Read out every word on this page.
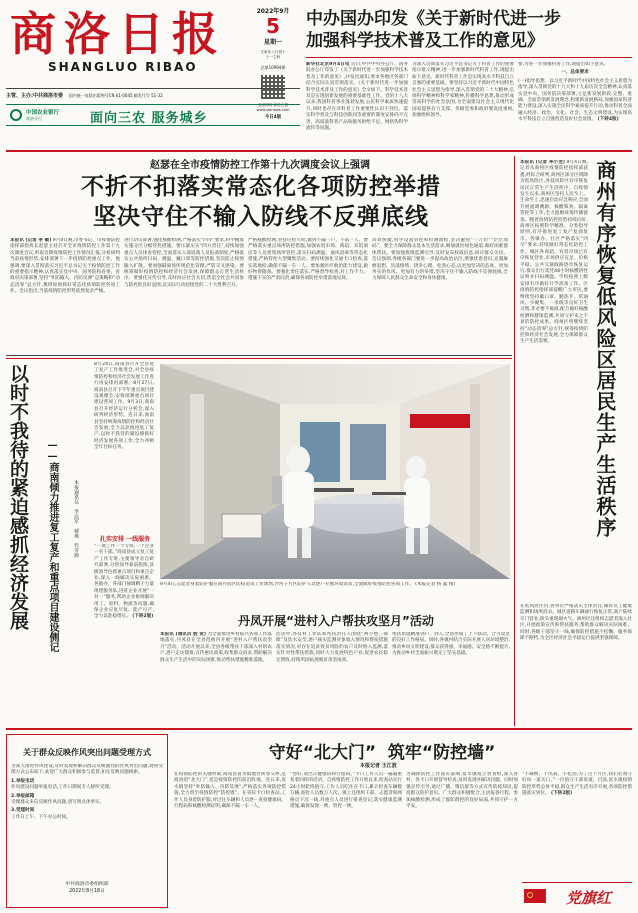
商洛日报
SHANGLUO RIBAO
2022年9月
5
星期一
壬寅年八月初十
十一立秋
总第10994期
登录网站 商洛之窗
www.sldnews.com
今日4版
主管、主办:中共商洛市委 国内统一连续出版物号CN 61-0045 邮发代号 51-32
中国农业银行
商洛分行	面向三农 服务城乡
中办国办印发《关于新时代进一步
加强科学技术普及工作的意见》
新华社北京9月4日电 近日,中共中央办公厅、国务院办公厅印发了《关于新时代进一步加强科学技术普及工作的意见》,并发出通知,要求各地区各部门结合实际认真贯彻落实。《关于新时代进一步加强科学技术普及工作的意见》全文如下。科学技术普及是实现创新发展的重要基础性工作。党的十八大以来,我国科普事业蓬勃发展,公民科学素质快速提升,同时也存在对科普工作重要性认识不到位、落实科学普及与科技创新同等重要的制度安排尚不完善、高质量科普产品和服务供给不足、网络伪科学流传等问题。
为深入贯彻落实习近平总书记关于科普工作的重要指示批示精神,进一步加强新时代科普工作,现提出如下意见。新时代科普工作是实现高水平科技自立自强的重要基础。要坚持以习近平新时代中国特色社会主义思想为指导,深入贯彻党的二十大精神,弘扬科学精神和科学家精神,传播科学思想,推动形成崇尚科学的社会氛围,为全面建设社会主义现代化国家提供有力支撑。各级党委和政府要高度重视,加强组织领导。
要,为进一步加强科普工作,现提出如下意见。
一、总体要求
(一)指导思想。以习近平新时代中国特色社会主义思想为指导,深入贯彻党的十九大和十九届历次全会精神,认真落实党中央、国务院决策部署,立足新发展阶段,完整、准确、全面贯彻新发展理念,构建新发展格局,加强国家科普能力建设,深入实施全民科学素质提升行动,推动科普全面融入经济、政治、文化、社会、生态文明建设,为实现高水平科技自立自强营造良好社会氛围。 (下转4版)
赵瑟在全市疫情防控工作第十九次调度会议上强调
不折不扣落实常态化各项防控举措
坚决守住不输入防线不反弹底线
本报讯 (记者 李 敏) 9月4日晚,市委书记、市疫情防控指挥部指挥长赵瑟主持召开全市疫情防控工作第十九次调度会议,听取近期疫情防控工作情况汇报,分析研判当前疫情形势,安排部署下一步疫情防控重点工作。他强调,要深入贯彻落实习近平总书记关于疫情防控工作的重要指示精神,认真落实党中央、国务院和省委、省政府决策部署,坚持“外防输入、内防反弹”总策略和“动态清零”总方针,慎终如始抓好常态化疫情防控各项工作。会议指出,当前疫情防控形势依然复杂严峻。
进行动员部署,强化核酸检测,严格落实“四早”要求,科学精准实施分区分级管控措施。要压紧压实“四方责任”,持续加强重点人员排查管控,全面落实入商返商人员报备制度,严格落实公共场所扫码、测温、戴口罩等防控措施,坚决防止疫情输入扩散。要加强隔离场所规范化管理,严防交叉感染。要统筹做好疫情防控和经济社会发展,保障群众正常生活秩序。要强化宣传引导,及时回应社会关切,营造全社会共同参与防控的良好氛围,以实际行动迎接党的二十大胜利召开。
严格核酸检测,坚持应检尽检,做到不漏一户、不落一人。要严格落实重点场所防控措施,加强农贸市场、商超、宾馆酒店等人员密集场所管控,落实扫码测温、通风消毒等常态化措施,严格管控大型聚集活动。要持续强化交通卡口检查,落实落地检,确保不漏一车一人。要加强医疗救治能力建设,做好物资储备。要强化责任落实,严格督导检查,对工作不力、措施不实的严肃问责,确保各项防控举措落地见效。
高效快捷,科学设置管控和检测流程,坚决避免“一刀切”“层层加码”。要全力保障群众基本生活需求,畅通就医绿色通道,做好困难群体帮扶。要加强舆情监测引导,及时发布权威信息,回应群众关切。会议强调,各级各部门要进一步提高政治站位,增强忧患意识,克服麻痹思想、厌战情绪、侥幸心理、松劲心态,以更加坚决的态度、更加务实的作风、更加有力的举措,坚决守住不输入防线不反弹底线,全力保障人民群众生命安全和身体健康。	商州有序恢复低风险区居民生产生活秩序
本报讯 (记者 李小龙) 9月4日晚,记者从商州区疫情防控指挥部获悉,经综合研判,商州区部分区域降为低风险区,各低风险区有序恢复居民正常生产生活秩序。自疫情发生以来,商州区坚持人民至上、生命至上,迅速启动应急响应,全面开展流调溯源、核酸筛查、隔离管控等工作,全力阻断疫情传播链条。随着疫情防控形势持续向好,商州区按照科学精准、分类指导原则,有序推进复工复产复商复市。各镇办、社区严格落实“四早”要求,持续做好常态化防控工作。城区各商超、农贸市场已有序恢复营业,市场供应充足、价格平稳。公共交通线路逐步恢复运行,群众出行需凭48小时核酸阴性证明并扫码测温。学校按照上级安排有序做好开学准备工作。区疫情防控指挥部提醒广大市民,要继续坚持戴口罩、勤洗手、常通风、少聚集、一米线等良好卫生习惯,非必要不离商,配合做好核酸检测和健康监测,共同守护来之不易的防控成果。商州区将继续坚持“动态清零”总方针,统筹疫情防控和经济社会发展,全力保障群众生产生活需要。
在低风险区内,各单位严格落实主体责任,做好员工健康监测和场所消杀。城区道路车辆通行恢复正常,商户陆续开门营业,街头重现烟火气。商州区还组织志愿者深入社区,开展政策宣传和帮扶服务,帮助群众解决实际困难。同时,各级干部坚守一线,确保防控措施不松懈、服务保障不断档,为全区经济社会平稳运行提供坚强保障。
以时不我待的紧迫感抓经济发展 ——商南倾力推进复工复产和重点项目建设侧记	本报通讯员 李远军 郝燕 代雪源
8月24日,商南县召开全县复工复产工作推进会,对全县疫情防控和经济社会发展工作进行再安排再部署。8月27日,商南县召开下半年重点项目建设观摩会,安排部署重点项目建设各项工作。9月3日,商南县召开经济运行分析会,深入研判经济形势。连日来,商南县坚持统筹疫情防控和经济社会发展,全力以赴推进复工复产,以时不我待的紧迫感抓好经济发展各项工作,全力冲刺全年目标任务。
扎实安排 一线服务
“一项工作一个专班,一个企业一名干部。”商南县成立复工复产工作专班,主要领导亲自研究部署,分管领导靠前指挥,县级领导包抓重点项目和重点企业,深入一线解决实际困难。各镇办、各部门抽调精干力量组建服务队,进驻企业开展“一对一”服务,帮助企业协调解决用工、原料、物流等问题,确保企业应复尽复、能产尽产,全力以赴稳增长。 (下转2版)
9月4日,志愿者身着防护服在商丹园区防疫消杀工作现场,沙河子片区防护人员逐户开展环境消杀,全面做好疫情防控各项工作。 (本报记者 杨 鑫 摄)
丹凤开展“进村入户帮扶攻坚月”活动
本报讯 (通讯员 殷 贺) 为全面推进乡村振兴各项工作落地落实,丹凤县在全县范围内开展“进村入户帮扶攻坚月”活动。活动开展以来,全县各级帮扶干部深入村组农户,逐户走访摸排,宣传惠民政策,收集群众诉求,帮助解决群众生产生活中的实际困难,推动帮扶措施精准落地。
活动中,各驻村工作队和帮扶责任人围绕“两不愁三保障”及饮水安全,逐户核实监测对象收入情况和帮扶措施落实情况,对存在返贫致贫风险的农户及时纳入监测,落实针对性帮扶措施,同时大力发展特色产业,促进农民稳定增收,持续巩固拓展脱贫攻坚成果。
帮扶措施精准到户、到人,全县形成了上下联动、合力攻坚的良好工作格局。同时,各镇村结合实际开展人居环境整治,推动乡风文明建设,群众获得感、幸福感、安全感不断提升,为推动乡村全面振兴奠定了坚实基础。
守好“北大门”  筑牢“防控墙”
本报记者 王江波
在疫情防控的关键时期,商南县富水镇地处陕鄂交界,是商洛的“北大门”,也是疫情防控的前沿阵地。连日来,富水镇坚持“外防输入、内防反弹”,严格落实各项防控措施,全力筑牢疫情防控“防控墙”。在省际卡口检查站,工作人员身着防护服,对过往车辆和人员逐一查验健康码、行程码和核酸检测证明,确保不漏一车一人。
“您好,请出示健康码和行程码。”卡口工作人员一遍遍重复着同样的话语。自疫情防控工作开展以来,检查站实行24小时轮班值守,工作人员吃住在卡口,累计检查车辆数万辆,查验人员数万人次。镇上还组织干部、志愿者和网格员下沉一线,对重点人员进行排查登记,落实健康监测措施,确保发现一例、管控一例。
为确保防控工作落实落细,富水镇成立督查组,深入各村、各卡口开展督导检查,及时发现并解决问题。同时加强宣传引导,通过广播、微信群等方式宣传防疫知识,提高群众防护意识。广大群众积极配合,主动报备行程、参加核酸检测,形成了群防群控的良好局面,共同守护一方平安。
“不麻痹、不厌战、不松劲,为了这个片区,我们必须守好每一道关口。”一位值守干部说道。目前,富水镇疫情防控形势总体平稳,群众生产生活有序开展,各项防控措施落实到位。 (下转2版)
党旗红
关于群众反映作风突出问题受理方式
为深入推进作风建设,及时发现和解决群众反映强烈的作风突出问题,现将受理方式公布如下,欢迎广大群众积极参与监督,如实反映问题线索。
1.举报电话
作风建设问题举报电话,工作日期间专人接听受理。
2.举报邮箱
受理群众来信反映作风问题,请写明具体事实。
3.受理时间
工作日上午、下午办公时间。
中共商洛市委组织部
2022年8月18日
